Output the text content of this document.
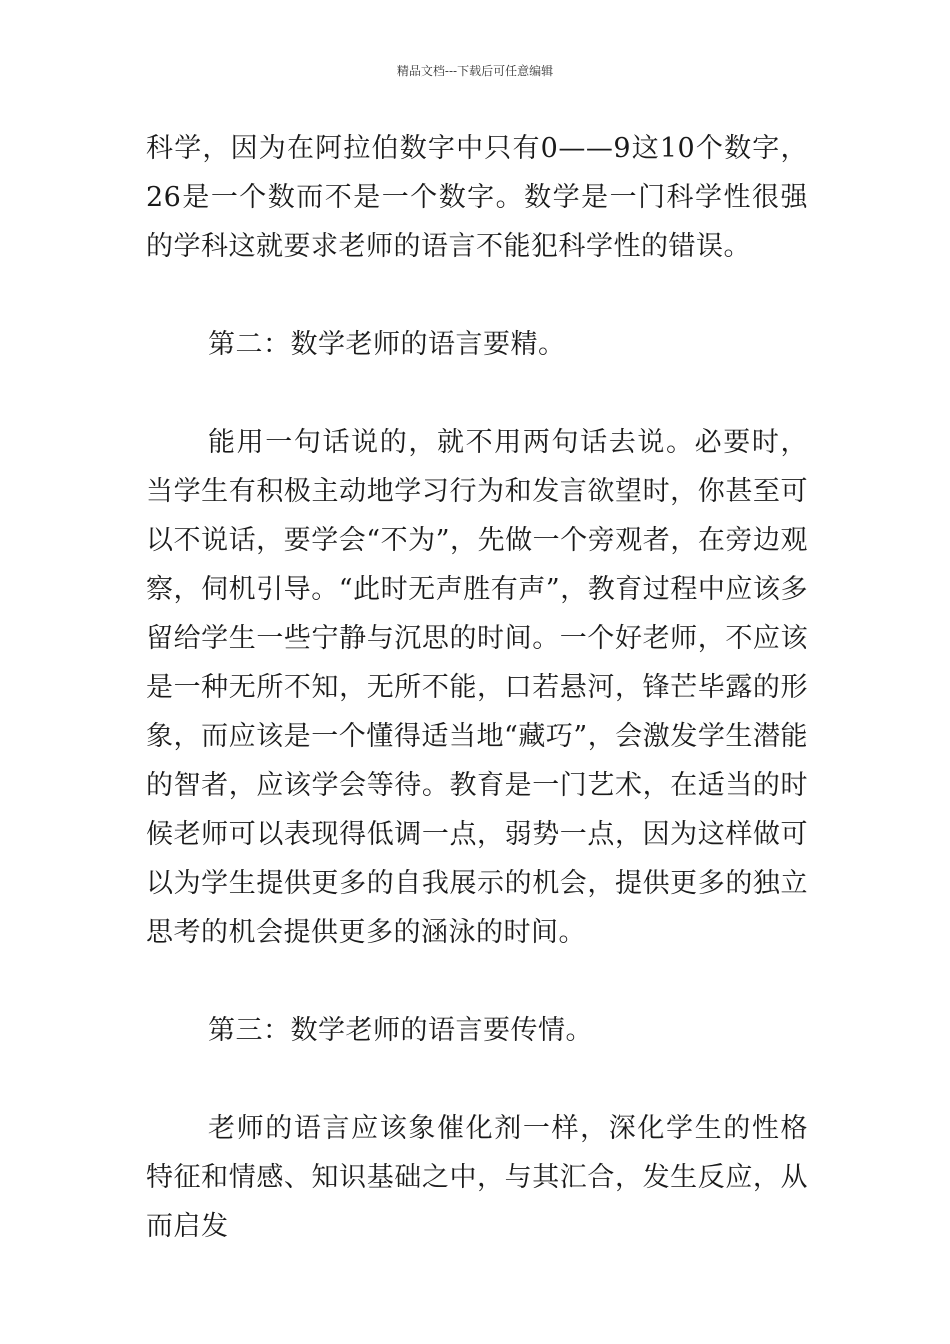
精品文档---下载后可任意编辑

科学，因为在阿拉伯数字中只有0——9这10个数字，26是一个数而不是一个数字。数学是一门科学性很强的学科这就要求老师的语言不能犯科学性的错误。

第二：数学老师的语言要精。

能用一句话说的，就不用两句话去说。必要时，当学生有积极主动地学习行为和发言欲望时，你甚至可以不说话，要学会“不为”，先做一个旁观者，在旁边观察，伺机引导。“此时无声胜有声”，教育过程中应该多留给学生一些宁静与沉思的时间。一个好老师，不应该是一种无所不知，无所不能，口若悬河，锋芒毕露的形象，而应该是一个懂得适当地“藏巧”，会激发学生潜能的智者，应该学会等待。教育是一门艺术，在适当的时候老师可以表现得低调一点，弱势一点，因为这样做可以为学生提供更多的自我展示的机会，提供更多的独立思考的机会提供更多的涵泳的时间。

第三：数学老师的语言要传情。

老师的语言应该象催化剂一样，深化学生的性格特征和情感、知识基础之中，与其汇合，发生反应，从而启发
